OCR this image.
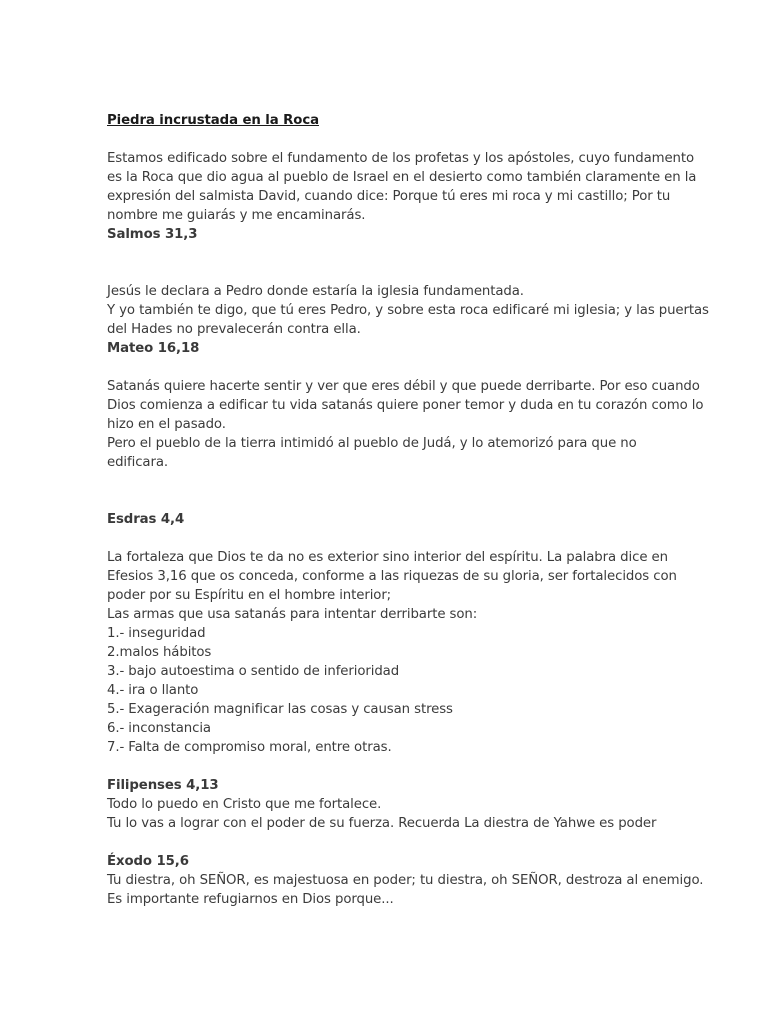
Piedra incrustada en la Roca
Estamos edificado sobre el fundamento de los profetas y los apóstoles, cuyo fundamento
es la Roca que dio agua al pueblo de Israel en el desierto como también claramente en la
expresión del salmista David, cuando dice: Porque tú eres mi roca y mi castillo; Por tu
nombre me guiarás y me encaminarás.
Salmos 31,3
Jesús le declara a Pedro donde estaría la iglesia fundamentada.
Y yo también te digo, que tú eres Pedro, y sobre esta roca edificaré mi iglesia; y las puertas
del Hades no prevalecerán contra ella.
Mateo 16,18
Satanás quiere hacerte sentir y ver que eres débil y que puede derribarte. Por eso cuando
Dios comienza a edificar tu vida satanás quiere poner temor y duda en tu corazón como lo
hizo en el pasado.
Pero el pueblo de la tierra intimidó al pueblo de Judá, y lo atemorizó para que no
edificara.
Esdras 4,4
La fortaleza que Dios te da no es exterior sino interior del espíritu. La palabra dice en
Efesios 3,16 que os conceda, conforme a las riquezas de su gloria, ser fortalecidos con
poder por su Espíritu en el hombre interior;
Las armas que usa satanás para intentar derribarte son:
1.- inseguridad
2.malos hábitos
3.- bajo autoestima o sentido de inferioridad
4.- ira o llanto
5.- Exageración magnificar las cosas y causan stress
6.- inconstancia
7.- Falta de compromiso moral, entre otras.
Filipenses 4,13
Todo lo puedo en Cristo que me fortalece.
Tu lo vas a lograr con el poder de su fuerza. Recuerda La diestra de Yahwe es poder
Éxodo 15,6
Tu diestra, oh SEÑOR, es majestuosa en poder; tu diestra, oh SEÑOR, destroza al enemigo.
Es importante refugiarnos en Dios porque...
